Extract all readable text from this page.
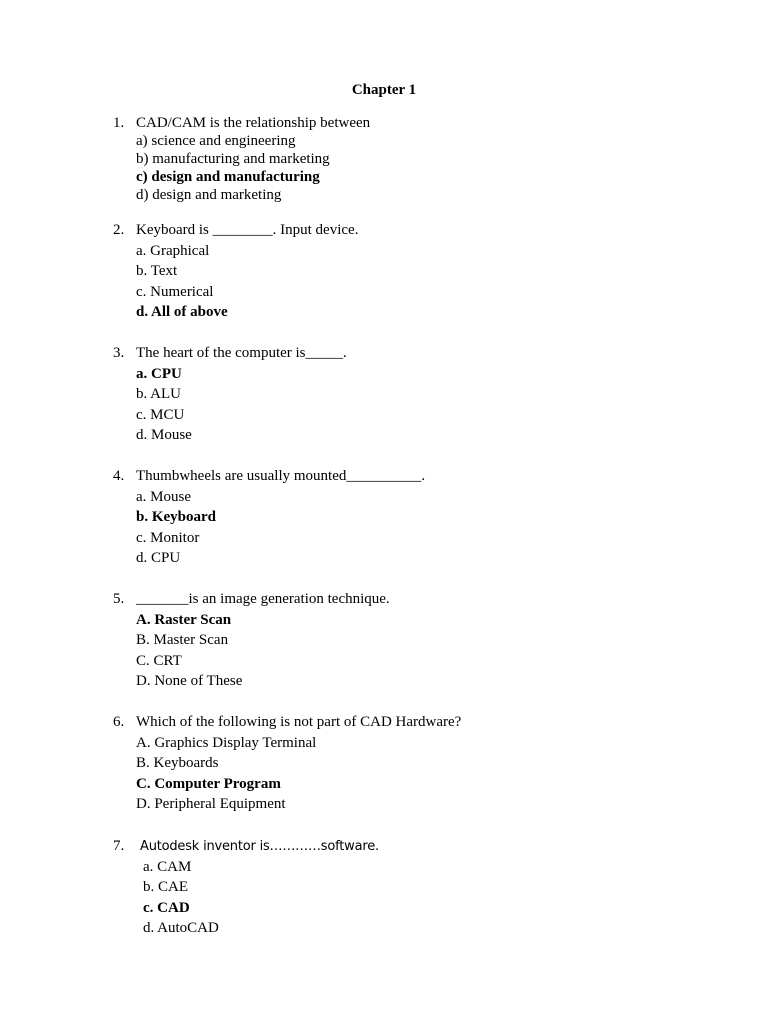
Chapter 1
1. CAD/CAM is the relationship between
a) science and engineering
b) manufacturing and marketing
c) design and manufacturing
d) design and marketing
2. Keyboard is ________. Input device.
a. Graphical
b. Text
c. Numerical
d. All of above
3. The heart of the computer is_____.
a. CPU
b. ALU
c. MCU
d. Mouse
4. Thumbwheels are usually mounted__________.
a. Mouse
b. Keyboard
c. Monitor
d. CPU
5. _______is an image generation technique.
A. Raster Scan
B. Master Scan
C. CRT
D. None of These
6. Which of the following is not part of CAD Hardware?
A. Graphics Display Terminal
B. Keyboards
C. Computer Program
D. Peripheral Equipment
7. Autodesk inventor is…………software.
a. CAM
b. CAE
c. CAD
d. AutoCAD
